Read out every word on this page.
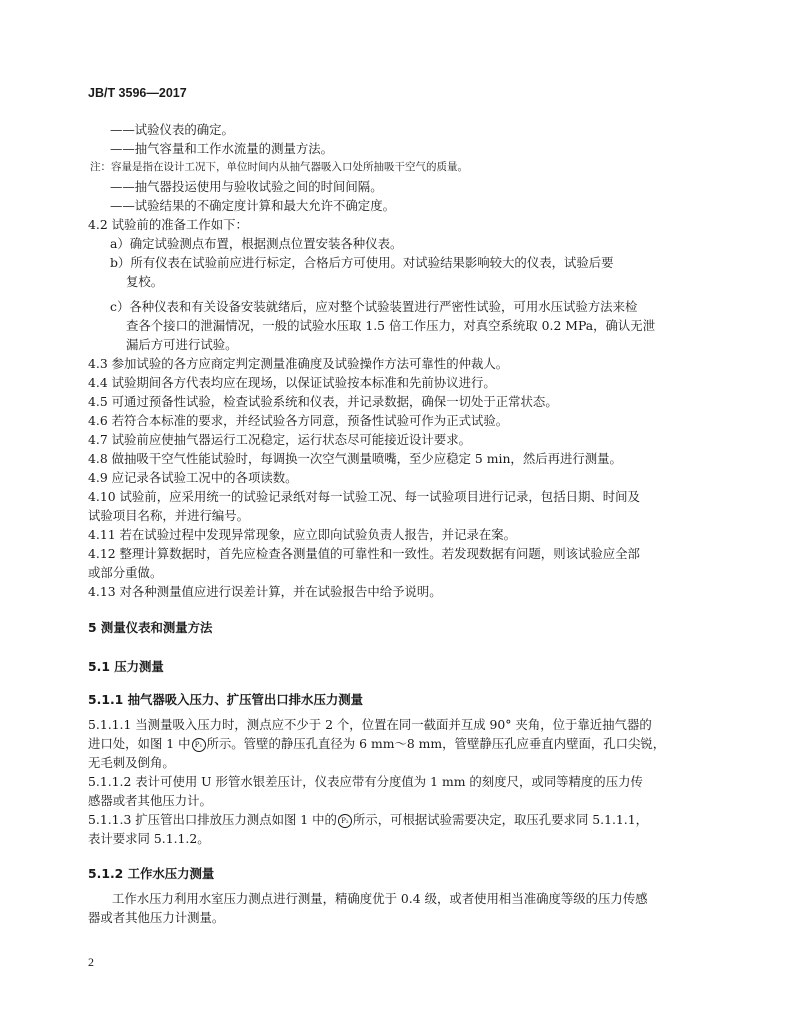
JB/T 3596—2017
——试验仪表的确定。
——抽气容量和工作水流量的测量方法。
注：容量是指在设计工况下，单位时间内从抽气器吸入口处所抽吸干空气的质量。
——抽气器投运使用与验收试验之间的时间间隔。
——试验结果的不确定度计算和最大允许不确定度。
4.2 试验前的准备工作如下：
a）确定试验测点布置，根据测点位置安装各种仪表。
b）所有仪表在试验前应进行标定，合格后方可使用。对试验结果影响较大的仪表，试验后要
复校。
c）各种仪表和有关设备安装就绪后，应对整个试验装置进行严密性试验，可用水压试验方法来检
查各个接口的泄漏情况，一般的试验水压取 1.5 倍工作压力，对真空系统取 0.2 MPa，确认无泄
漏后方可进行试验。
4.3 参加试验的各方应商定判定测量准确度及试验操作方法可靠性的仲裁人。
4.4 试验期间各方代表均应在现场，以保证试验按本标准和先前协议进行。
4.5 可通过预备性试验，检查试验系统和仪表，并记录数据，确保一切处于正常状态。
4.6 若符合本标准的要求，并经试验各方同意，预备性试验可作为正式试验。
4.7 试验前应使抽气器运行工况稳定，运行状态尽可能接近设计要求。
4.8 做抽吸干空气性能试验时，每调换一次空气测量喷嘴，至少应稳定 5 min，然后再进行测量。
4.9 应记录各试验工况中的各项读数。
4.10 试验前，应采用统一的试验记录纸对每一试验工况、每一试验项目进行记录，包括日期、时间及
试验项目名称，并进行编号。
4.11 若在试验过程中发现异常现象，应立即向试验负责人报告，并记录在案。
4.12 整理计算数据时，首先应检查各测量值的可靠性和一致性。若发现数据有问题，则该试验应全部
或部分重做。
4.13 对各种测量值应进行误差计算，并在试验报告中给予说明。
5 测量仪表和测量方法
5.1 压力测量
5.1.1 抽气器吸入压力、扩压管出口排水压力测量
5.1.1.1 当测量吸入压力时，测点应不少于 2 个，位置在同一截面并互成 90° 夹角，位于靠近抽气器的
进口处，如图 1 中 P₁ 所示。管壁的静压孔直径为 6 mm～8 mm，管壁静压孔应垂直内壁面，孔口尖锐，
无毛刺及倒角。
5.1.1.2 表计可使用 U 形管水银差压计，仪表应带有分度值为 1 mm 的刻度尺，或同等精度的压力传
感器或者其他压力计。
5.1.1.3 扩压管出口排放压力测点如图 1 中的 P₂ 所示，可根据试验需要决定，取压孔要求同 5.1.1.1，
表计要求同 5.1.1.2。
5.1.2 工作水压力测量
工作水压力利用水室压力测点进行测量，精确度优于 0.4 级，或者使用相当准确度等级的压力传感
器或者其他压力计测量。
2
